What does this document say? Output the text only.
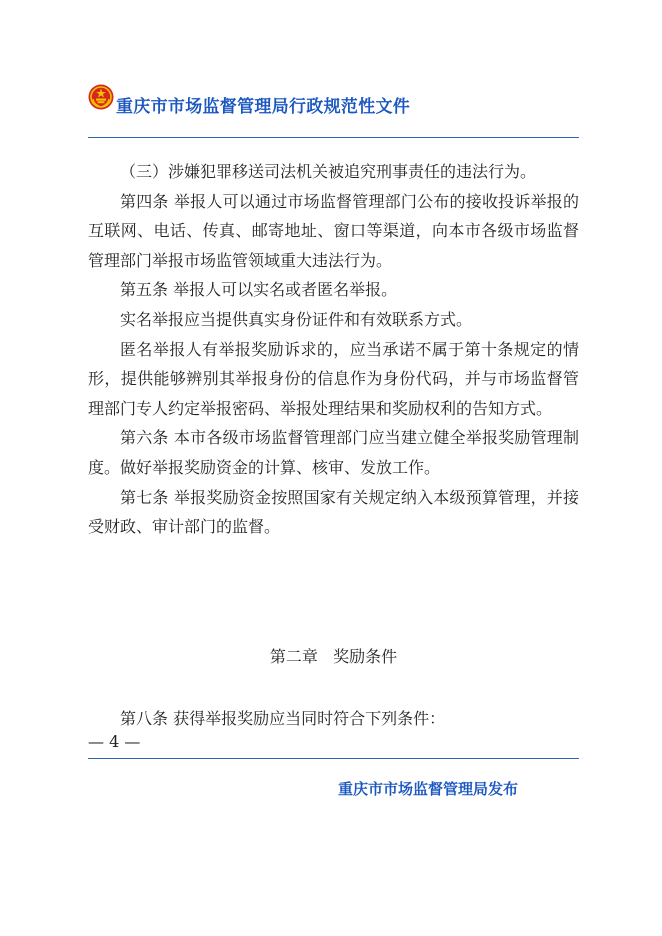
重庆市市场监督管理局行政规范性文件

（三）涉嫌犯罪移送司法机关被追究刑事责任的违法行为。

第四条 举报人可以通过市场监督管理部门公布的接收投诉举报的互联网、电话、传真、邮寄地址、窗口等渠道，向本市各级市场监督管理部门举报市场监管领域重大违法行为。

第五条 举报人可以实名或者匿名举报。

实名举报应当提供真实身份证件和有效联系方式。

匿名举报人有举报奖励诉求的，应当承诺不属于第十条规定的情形，提供能够辨别其举报身份的信息作为身份代码，并与市场监督管理部门专人约定举报密码、举报处理结果和奖励权利的告知方式。

第六条 本市各级市场监督管理部门应当建立健全举报奖励管理制度。做好举报奖励资金的计算、核审、发放工作。

第七条 举报奖励资金按照国家有关规定纳入本级预算管理，并接受财政、审计部门的监督。

第二章   奖励条件
第八条 获得举报奖励应当同时符合下列条件：
— 4 —
重庆市市场监督管理局发布
